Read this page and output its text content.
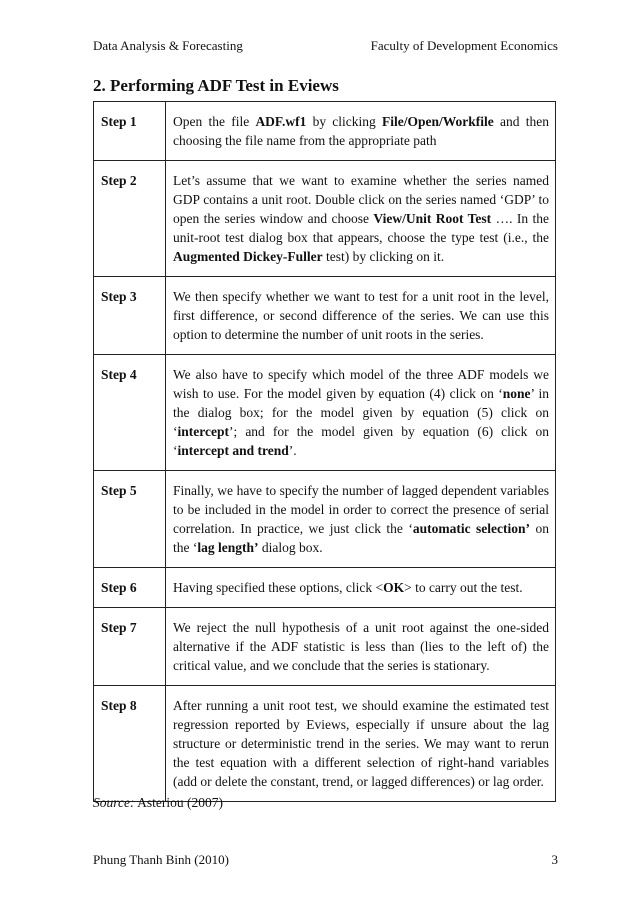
Data Analysis & Forecasting	Faculty of Development Economics
2. Performing ADF Test in Eviews
Step 1	Open the file ADF.wf1 by clicking File/Open/Workfile and then choosing the file name from the appropriate path
Step 2	Let’s assume that we want to examine whether the series named GDP contains a unit root. Double click on the series named ‘GDP’ to open the series window and choose View/Unit Root Test …. In the unit-root test dialog box that appears, choose the type test (i.e., the Augmented Dickey-Fuller test) by clicking on it.
Step 3	We then specify whether we want to test for a unit root in the level, first difference, or second difference of the series. We can use this option to determine the number of unit roots in the series.
Step 4	We also have to specify which model of the three ADF models we wish to use. For the model given by equation (4) click on ‘none’ in the dialog box; for the model given by equation (5) click on ‘intercept’; and for the model given by equation (6) click on ‘intercept and trend’.
Step 5	Finally, we have to specify the number of lagged dependent variables to be included in the model in order to correct the presence of serial correlation. In practice, we just click the ‘automatic selection’ on the ‘lag length’ dialog box.
Step 6	Having specified these options, click <OK> to carry out the test.
Step 7	We reject the null hypothesis of a unit root against the one-sided alternative if the ADF statistic is less than (lies to the left of) the critical value, and we conclude that the series is stationary.
Step 8	After running a unit root test, we should examine the estimated test regression reported by Eviews, especially if unsure about the lag structure or deterministic trend in the series. We may want to rerun the test equation with a different selection of right-hand variables (add or delete the constant, trend, or lagged differences) or lag order.
Source: Asteriou (2007)
Phung Thanh Binh (2010)	3
